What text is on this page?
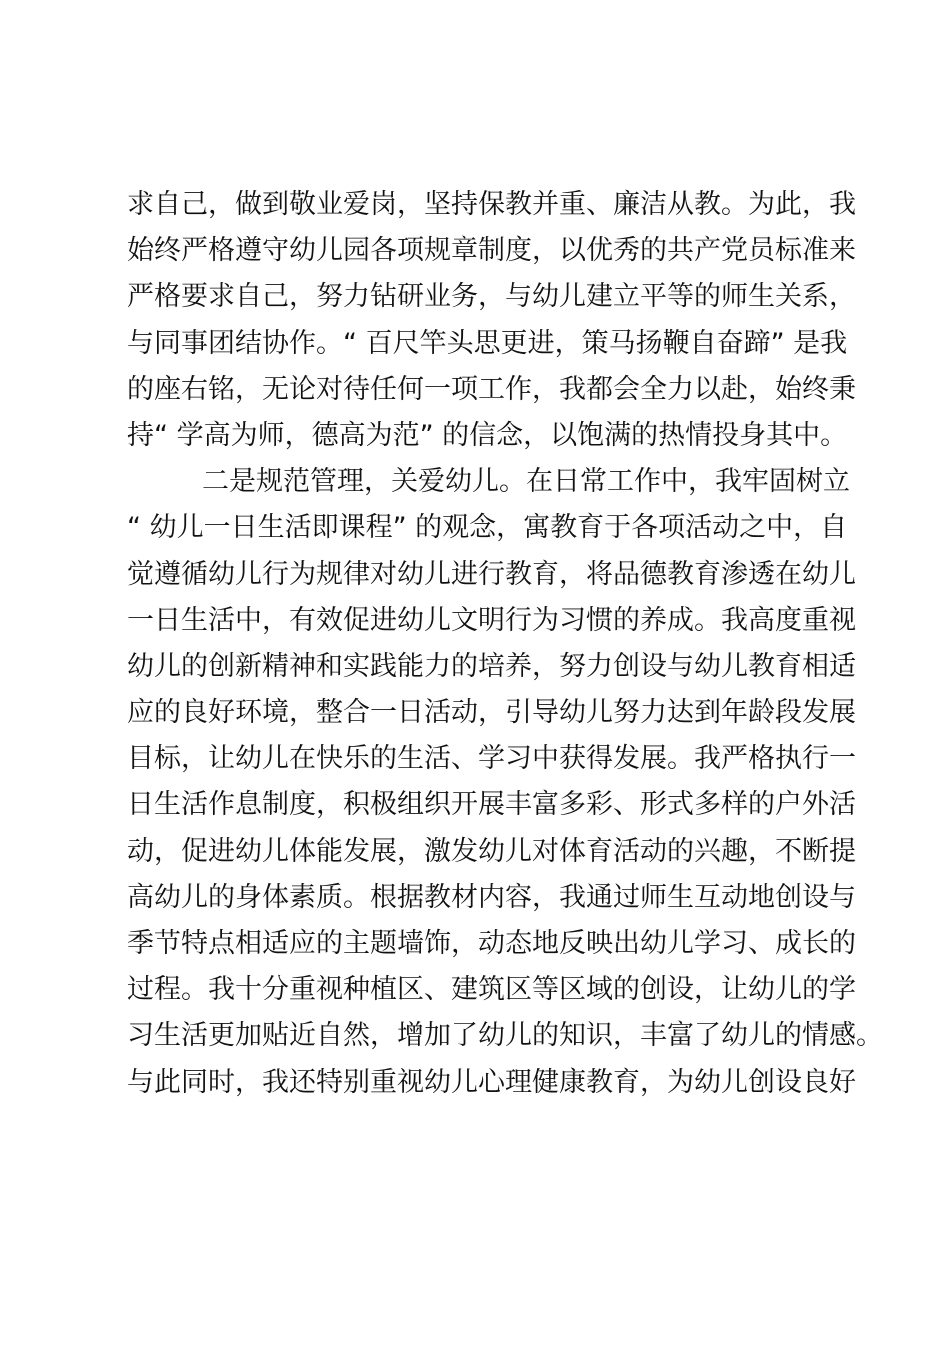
求自己，做到敬业爱岗，坚持保教并重、廉洁从教。为此，我
始终严格遵守幼儿园各项规章制度，以优秀的共产党员标准来
严格要求自己，努力钻研业务，与幼儿建立平等的师生关系，
与同事团结协作。“ 百尺竿头思更进，策马扬鞭自奋蹄” 是我
的座右铭，无论对待任何一项工作，我都会全力以赴，始终秉
持“ 学高为师，德高为范” 的信念，以饱满的热情投身其中。
二是规范管理，关爱幼儿。在日常工作中，我牢固树立
“ 幼儿一日生活即课程” 的观念，寓教育于各项活动之中，自
觉遵循幼儿行为规律对幼儿进行教育，将品德教育渗透在幼儿
一日生活中，有效促进幼儿文明行为习惯的养成。我高度重视
幼儿的创新精神和实践能力的培养，努力创设与幼儿教育相适
应的良好环境，整合一日活动，引导幼儿努力达到年龄段发展
目标，让幼儿在快乐的生活、学习中获得发展。我严格执行一
日生活作息制度，积极组织开展丰富多彩、形式多样的户外活
动，促进幼儿体能发展，激发幼儿对体育活动的兴趣，不断提
高幼儿的身体素质。根据教材内容，我通过师生互动地创设与
季节特点相适应的主题墙饰，动态地反映出幼儿学习、成长的
过程。我十分重视种植区、建筑区等区域的创设，让幼儿的学
习生活更加贴近自然，增加了幼儿的知识，丰富了幼儿的情感。
与此同时，我还特别重视幼儿心理健康教育，为幼儿创设良好
